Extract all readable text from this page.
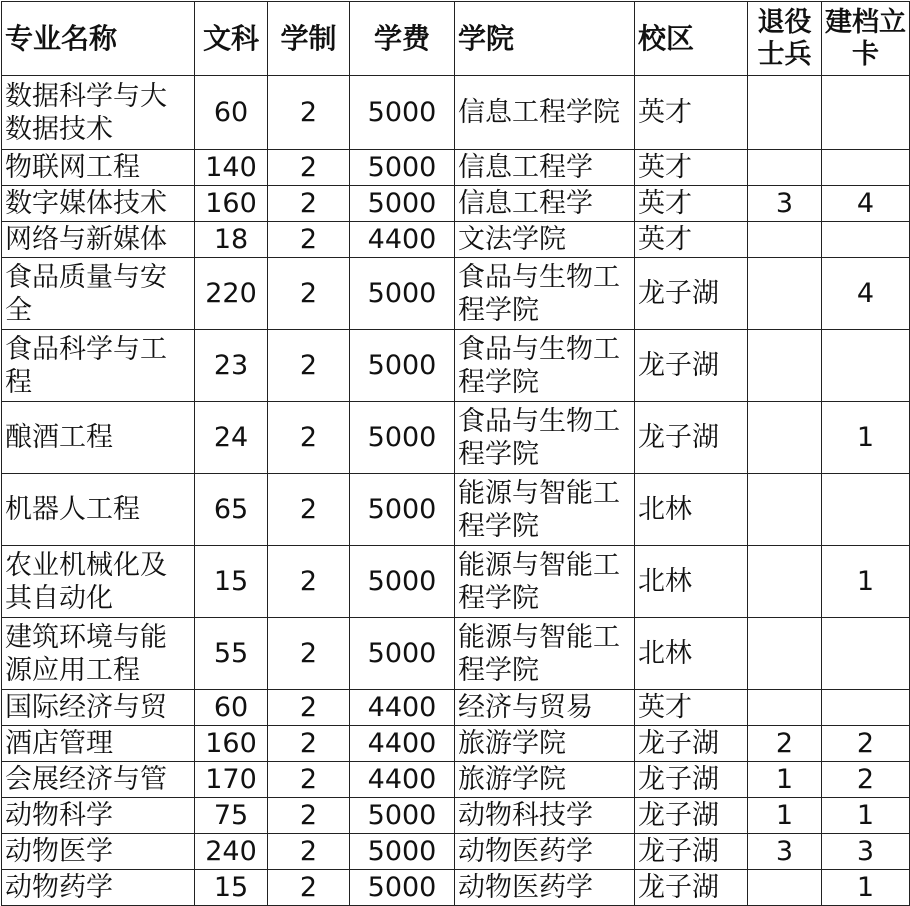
专业名称	文科	学制	学费	学院	校区	退役士兵	建档立卡
数据科学与大数据技术	60	2	5000	信息工程学院	英才		
物联网工程	140	2	5000	信息工程学	英才		
数字媒体技术	160	2	5000	信息工程学	英才	3	4
网络与新媒体	18	2	4400	文法学院	英才		
食品质量与安全	220	2	5000	食品与生物工程学院	龙子湖		4
食品科学与工程	23	2	5000	食品与生物工程学院	龙子湖		
酿酒工程	24	2	5000	食品与生物工程学院	龙子湖		1
机器人工程	65	2	5000	能源与智能工程学院	北林		
农业机械化及其自动化	15	2	5000	能源与智能工程学院	北林		1
建筑环境与能源应用工程	55	2	5000	能源与智能工程学院	北林		
国际经济与贸	60	2	4400	经济与贸易	英才		
酒店管理	160	2	4400	旅游学院	龙子湖	2	2
会展经济与管	170	2	4400	旅游学院	龙子湖	1	2
动物科学	75	2	5000	动物科技学	龙子湖	1	1
动物医学	240	2	5000	动物医药学	龙子湖	3	3
动物药学	15	2	5000	动物医药学	龙子湖		1
